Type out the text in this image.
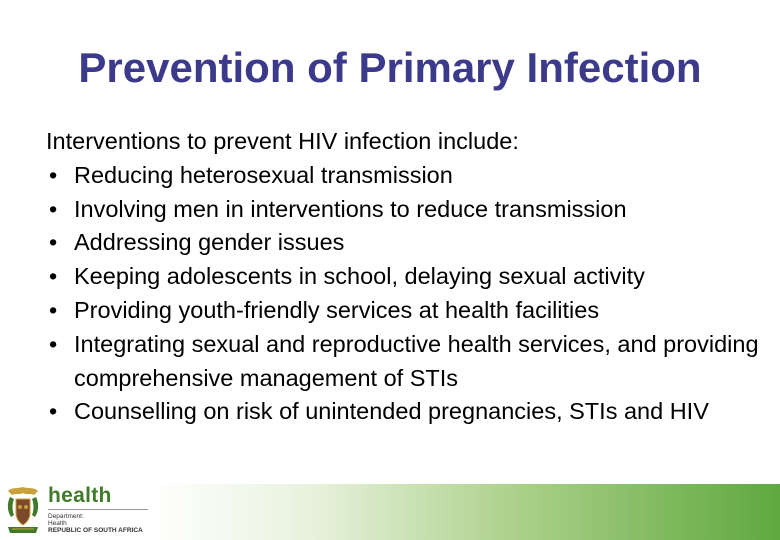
Prevention of Primary Infection

Interventions to prevent HIV infection include:

• Reducing heterosexual transmission
• Involving men in interventions to reduce transmission
• Addressing gender issues
• Keeping adolescents in school, delaying sexual activity
• Providing youth-friendly services at health facilities
• Integrating sexual and reproductive health services, and providing comprehensive management of STIs
• Counselling on risk of unintended pregnancies, STIs and HIV
health
Department:
Health
REPUBLIC OF SOUTH AFRICA
